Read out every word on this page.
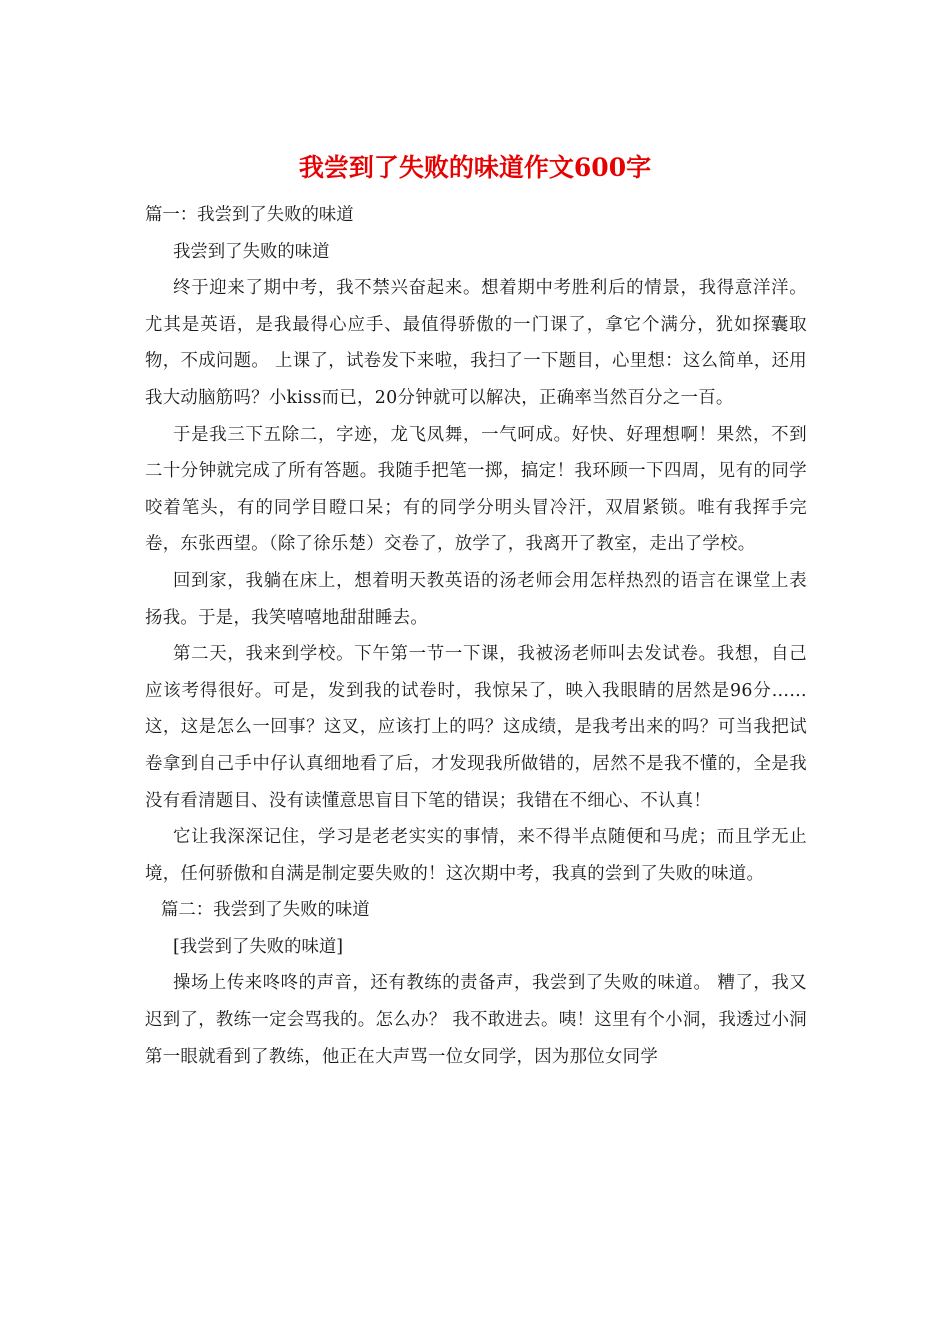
我尝到了失败的味道作文600字
篇一：我尝到了失败的味道
我尝到了失败的味道

终于迎来了期中考，我不禁兴奋起来。想着期中考胜利后的情景，我得意洋洋。尤其是英语，是我最得心应手、最值得骄傲的一门课了，拿它个满分，犹如探囊取物，不成问题。 上课了，试卷发下来啦，我扫了一下题目，心里想：这么简单，还用我大动脑筋吗？小kiss而已，20分钟就可以解决，正确率当然百分之一百。

于是我三下五除二，字迹，龙飞凤舞，一气呵成。好快、好理想啊！果然，不到二十分钟就完成了所有答题。我随手把笔一掷，搞定！我环顾一下四周，见有的同学咬着笔头，有的同学目瞪口呆；有的同学分明头冒冷汗，双眉紧锁。唯有我挥手完卷，东张西望。（除了徐乐楚）交卷了，放学了，我离开了教室，走出了学校。

回到家，我躺在床上，想着明天教英语的汤老师会用怎样热烈的语言在课堂上表扬我。于是，我笑嘻嘻地甜甜睡去。

第二天，我来到学校。下午第一节一下课，我被汤老师叫去发试卷。我想，自己应该考得很好。可是，发到我的试卷时，我惊呆了，映入我眼睛的居然是96分……这，这是怎么一回事？这叉，应该打上的吗？这成绩，是我考出来的吗？可当我把试卷拿到自己手中仔认真细地看了后，才发现我所做错的，居然不是我不懂的，全是我没有看清题目、没有读懂意思盲目下笔的错误；我错在不细心、不认真！

它让我深深记住，学习是老老实实的事情，来不得半点随便和马虎；而且学无止境，任何骄傲和自满是制定要失败的！这次期中考，我真的尝到了失败的味道。

篇二：我尝到了失败的味道
[我尝到了失败的味道]

操场上传来咚咚的声音，还有教练的责备声，我尝到了失败的味道。 糟了，我又迟到了，教练一定会骂我的。怎么办？ 我不敢进去。咦！这里有个小洞，我透过小洞第一眼就看到了教练，他正在大声骂一位女同学，因为那位女同学
